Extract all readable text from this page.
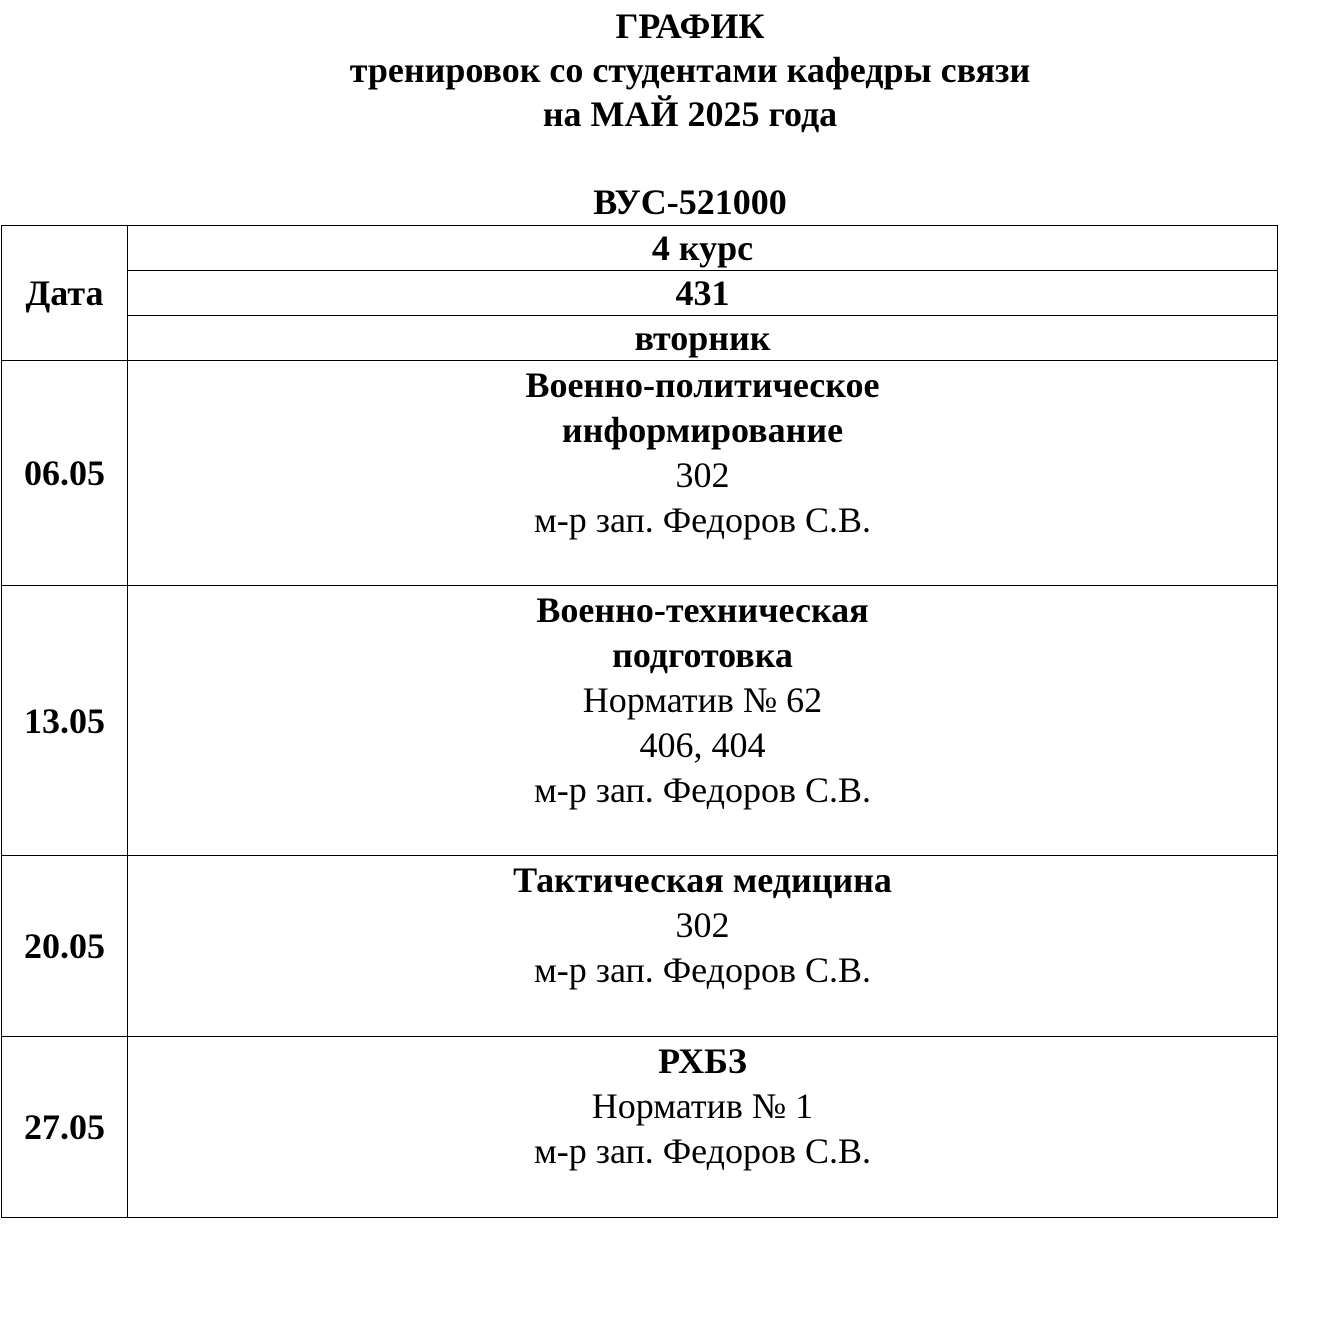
ГРАФИК
тренировок со студентами кафедры связи
на МАЙ 2025 года
ВУС-521000
Дата	4 курс
	431
	вторник
06.05	Военно-политическое
информирование
302
м-р зап. Федоров С.В.

13.05	Военно-техническая
подготовка
Норматив № 62
406, 404
м-р зап. Федоров С.В.

20.05	Тактическая медицина
302
м-р зап. Федоров С.В.

27.05	РХБЗ
Норматив № 1
м-р зап. Федоров С.В.
